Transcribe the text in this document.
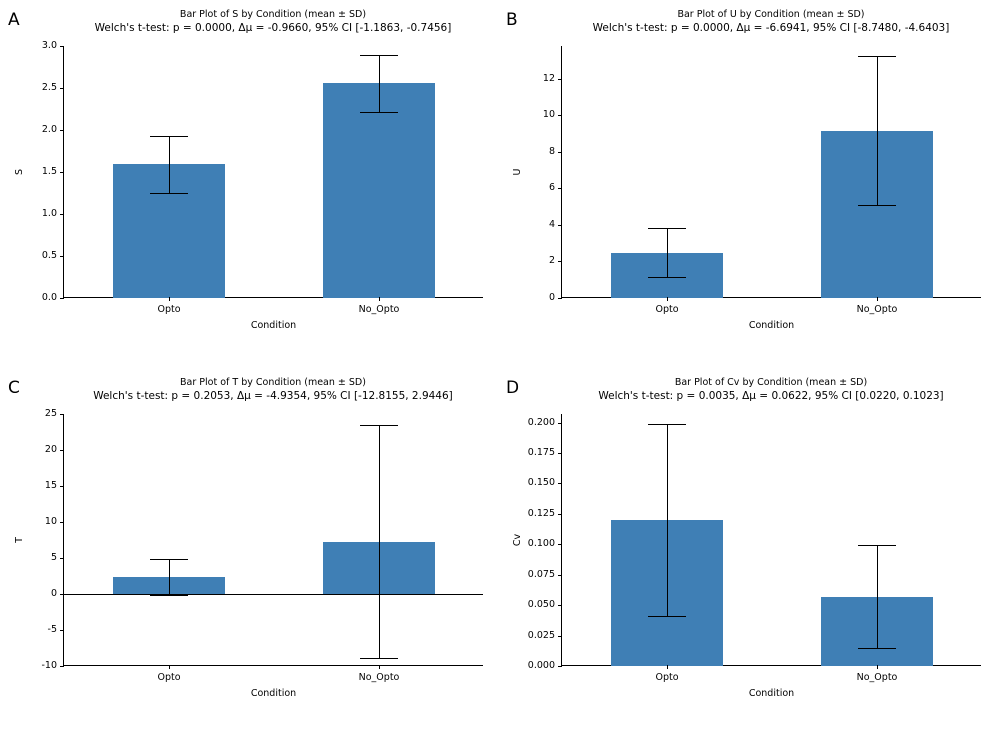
A	Bar Plot of S by Condition (mean ± SD)
Welch's t-test: p = 0.0000, Δμ = -0.9660, 95% CI [-1.1863, -0.7456]
0.0
0.5
1.0
1.5
2.0
2.5
3.0
Opto	No_Opto
Condition
S
B	Bar Plot of U by Condition (mean ± SD)
Welch's t-test: p = 0.0000, Δμ = -6.6941, 95% CI [-8.7480, -4.6403]
0
2
4
6
8
10
12
Opto	No_Opto
Condition
U
C	Bar Plot of T by Condition (mean ± SD)
Welch's t-test: p = 0.2053, Δμ = -4.9354, 95% CI [-12.8155, 2.9446]
-10
-5
0
5
10
15
20
25
Opto	No_Opto
Condition
T
D	Bar Plot of Cv by Condition (mean ± SD)
Welch's t-test: p = 0.0035, Δμ = 0.0622, 95% CI [0.0220, 0.1023]
0.000
0.025
0.050
0.075
0.100
0.125
0.150
0.175
0.200
Opto	No_Opto
Condition
Cv
